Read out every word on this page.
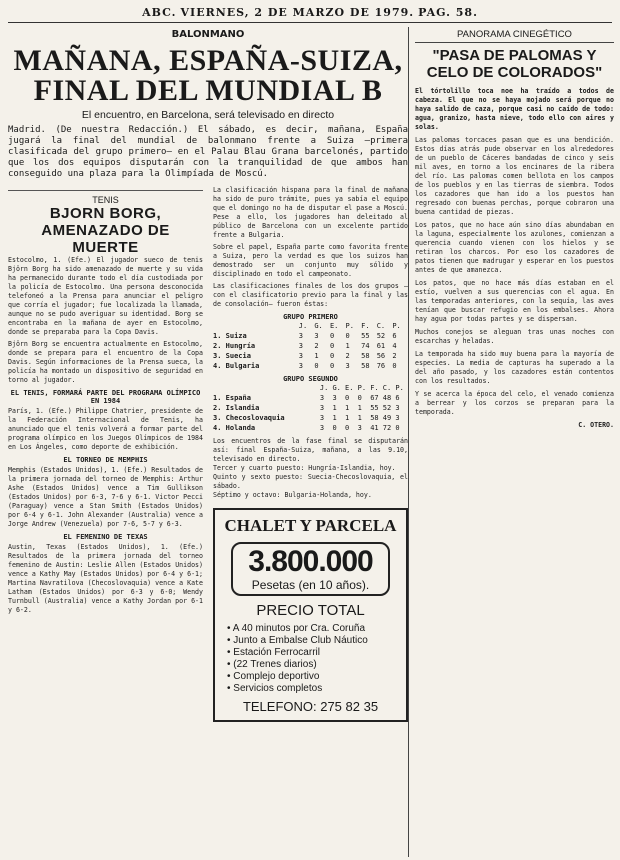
ABC. VIERNES, 2 DE MARZO DE 1979. PAG. 58.
BALONMANO
MAÑANA, ESPAÑA-SUIZA, FINAL DEL MUNDIAL B
El encuentro, en Barcelona, será televisado en directo
Madrid. (De nuestra Redacción.) El sábado, es decir, mañana, España jugará la final del mundial de balonmano frente a Suiza —primera clasificada del grupo primero— en el Palau Blau Grana barcelonés, partido que los dos equipos disputarán con la tranquilidad de que ambos han conseguido una plaza para la Olimpíada de Moscú.
TENIS
BJORN BORG, AMENAZADO DE MUERTE
Estocolmo, 1. (Efe.) El jugador sueco de tenis Björn Borg ha sido amenazado de muerte y su vida ha permanecido durante todo el día custodiada por la policía de Estocolmo. Una persona desconocida telefoneó a la Prensa para anunciar el peligro que corría el jugador; fue localizada la llamada, aunque no se pudo averiguar su identidad. Borg se encontraba en la mañana de ayer en Estocolmo, donde se preparaba para la Copa Davis.
Björn Borg se encuentra actualmente en Estocolmo, donde se prepara para el encuentro de la Copa Davis. Según informaciones de la Prensa sueca, la policía ha montado un dispositivo de seguridad en torno al jugador.
EL TENIS, FORMARÁ PARTE DEL PROGRAMA OLÍMPICO EN 1984
París, 1. (Efe.) Philippe Chatrier, presidente de la Federación Internacional de Tenis, ha anunciado que el tenis volverá a formar parte del programa olímpico en los Juegos Olímpicos de 1984 en Los Ángeles, como deporte de exhibición.
EL TORNEO DE MEMPHIS
Memphis (Estados Unidos), 1. (Efe.) Resultados de la primera jornada del torneo de Memphis: Arthur Ashe (Estados Unidos) vence a Tim Gullikson (Estados Unidos) por 6-3, 7-6 y 6-1. Victor Pecci (Paraguay) vence a Stan Smith (Estados Unidos) por 6-4 y 6-1. John Alexander (Australia) vence a Jorge Andrew (Venezuela) por 7-6, 5-7 y 6-3.
EL FEMENINO DE TEXAS
Austin, Texas (Estados Unidos), 1. (Efe.) Resultados de la primera jornada del torneo femenino de Austin: Leslie Allen (Estados Unidos) vence a Kathy May (Estados Unidos) por 6-4 y 6-1; Martina Navratilova (Checoslovaquia) vence a Kate Latham (Estados Unidos) por 6-3 y 6-0; Wendy Turnbull (Australia) vence a Kathy Jordan por 6-1 y 6-2.
La clasificación hispana para la final de mañana ha sido de puro trámite, pues ya sabía el equipo que el domingo no ha de disputar el pase a Moscú. Pese a ello, los jugadores han deleitado al público de Barcelona con un excelente partido frente a Bulgaria.
Sobre el papel, España parte como favorita frente a Suiza, pero la verdad es que los suizos han demostrado ser un conjunto muy sólido y disciplinado en todo el campeonato.
Las clasificaciones finales de los dos grupos —con el clasificatorio previo para la final y las de consolación— fueron éstas:
GRUPO PRIMERO
	J.	G.	E.	P.	F.	C.	P.
1. Suiza	3	3	0	0	55	52	6
2. Hungría	3	2	0	1	74	61	4
3. Suecia	3	1	0	2	58	56	2
4. Bulgaria	3	0	0	3	58	76	0
GRUPO SEGUNDO
	J.	G.	E.	P.	F.	C.	P.
1. España	3	3	0	0	67	48	6
2. Islandia	3	1	1	1	55	52	3
3. Checoslovaquia	3	1	1	1	58	49	3
4. Holanda	3	0	0	3	41	72	0
Los encuentros de la fase final se disputarán así: final España-Suiza, mañana, a las 9.10, televisado en directo.
Tercer y cuarto puesto: Hungría-Islandia, hoy.
Quinto y sexto puesto: Suecia-Checoslovaquia, el sábado.
Séptimo y octavo: Bulgaria-Holanda, hoy.
CHALET Y PARCELA
3.800.000
Pesetas (en 10 años).
PRECIO TOTAL
• A 40 minutos por Cra. Coruña
• Junto a Embalse Club Náutico
• Estación Ferrocarril
• (22 Trenes diarios)
• Complejo deportivo
• Servicios completos
TELEFONO: 275 82 35
PANORAMA CINEGÉTICO
"PASA DE PALOMAS Y CELO DE COLORADOS"
El tórtolillo toca noe ha traído a todos de cabeza. El que no se haya mojado será porque no haya salido de caza, porque casi no caído de todo: agua, granizo, hasta nieve, todo ello con aires y solas.
Las palomas torcaces pasan que es una bendición. Estos días atrás pude observar en los alrededores de un pueblo de Cáceres bandadas de cinco y seis mil aves, en torno a los encinares de la ribera del río. Las palomas comen bellota en los campos de los pueblos y en las tierras de siembra. Todos los cazadores que han ido a los puestos han regresado con buenas perchas, porque cobraron una buena cantidad de piezas.
Los patos, que no hace aún sino días abundaban en la laguna, especialmente los azulones, comienzan a querencia cuando vienen con los hielos y se retiran los charcos. Por eso los cazadores de patos tienen que madrugar y esperar en los puestos antes de que amanezca.
Los patos, que no hace más días estaban en el estío, vuelven a sus querencias con el agua. En las temporadas anteriores, con la sequía, las aves tenían que buscar refugio en los embalses. Ahora hay agua por todas partes y se dispersan.
Muchos conejos se aleguan tras unas noches con escarchas y heladas.
La temporada ha sido muy buena para la mayoría de especies. La media de capturas ha superado a la del año pasado, y los cazadores están contentos con los resultados.
Y se acerca la época del celo, el venado comienza a berrear y los corzos se preparan para la temporada.
C. OTERO.
